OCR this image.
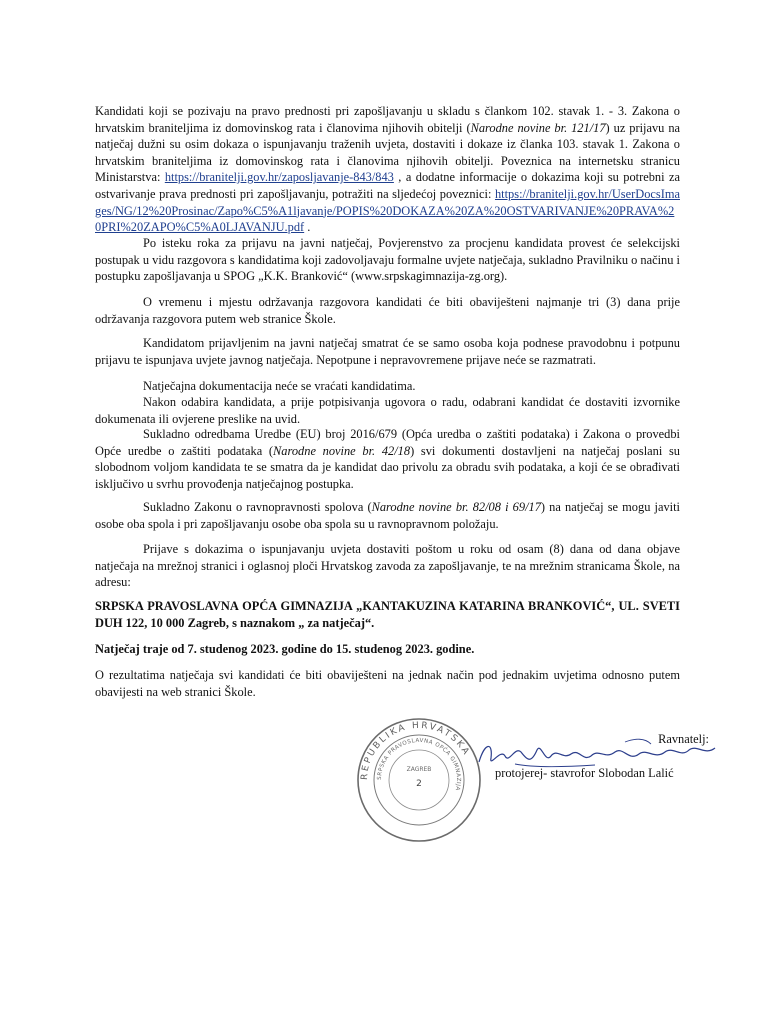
Kandidati koji se pozivaju na pravo prednosti pri zapošljavanju u skladu s člankom 102. stavak 1. - 3. Zakona o hrvatskim braniteljima iz domovinskog rata i članovima njihovih obitelji (Narodne novine br. 121/17) uz prijavu na natječaj dužni su osim dokaza o ispunjavanju traženih uvjeta, dostaviti i dokaze iz članka 103. stavak 1. Zakona o hrvatskim braniteljima iz domovinskog rata i članovima njihovih obitelji. Poveznica na internetsku stranicu Ministarstva: https://branitelji.gov.hr/zaposljavanje-843/843 , a dodatne informacije o dokazima koji su potrebni za ostvarivanje prava prednosti pri zapošljavanju, potražiti na sljedećoj poveznici: https://branitelji.gov.hr/UserDocsImages/NG/12%20Prosinac/Zapo%C5%A1ljavanje/POPIS%20DOKAZA%20ZA%20OSTVARIVANJE%20PRAVA%20PRI%20ZAPO%C5%A0LJAVANJU.pdf .

Po isteku roka za prijavu na javni natječaj, Povjerenstvo za procjenu kandidata provest će selekcijski postupak u vidu razgovora s kandidatima koji zadovoljavaju formalne uvjete natječaja, sukladno Pravilniku o načinu i postupku zapošljavanja u SPOG „K.K. Branković“ (www.srpskagimnazija-zg.org).

O vremenu i mjestu održavanja razgovora kandidati će biti obaviješteni najmanje tri (3) dana prije održavanja razgovora putem web stranice Škole.

Kandidatom prijavljenim na javni natječaj smatrat će se samo osoba koja podnese pravodobnu i potpunu prijavu te ispunjava uvjete javnog natječaja. Nepotpune i nepravovremene prijave neće se razmatrati.

Natječajna dokumentacija neće se vraćati kandidatima.

Nakon odabira kandidata, a prije potpisivanja ugovora o radu, odabrani kandidat će dostaviti izvornike dokumenata ili ovjerene preslike na uvid.

Sukladno odredbama Uredbe (EU) broj 2016/679 (Opća uredba o zaštiti podataka) i Zakona o provedbi Opće uredbe o zaštiti podataka (Narodne novine br. 42/18) svi dokumenti dostavljeni na natječaj poslani su slobodnom voljom kandidata te se smatra da je kandidat dao privolu za obradu svih podataka, a koji će se obrađivati isključivo u svrhu provođenja natječajnog postupka.

Sukladno Zakonu o ravnopravnosti spolova (Narodne novine br. 82/08 i 69/17) na natječaj se mogu javiti osobe oba spola i pri zapošljavanju osobe oba spola su u ravnopravnom položaju.

Prijave s dokazima o ispunjavanju uvjeta dostaviti poštom u roku od osam (8) dana od dana objave natječaja na mrežnoj stranici i oglasnoj ploči Hrvatskog zavoda za zapošljavanje, te na mrežnim stranicama Škole, na adresu:

SRPSKA PRAVOSLAVNA OPĆA GIMNAZIJA „KANTAKUZINA KATARINA BRANKOVIĆ“, UL. SVETI DUH 122, 10 000 Zagreb, s naznakom „ za natječaj“.

Natječaj traje od 7. studenog 2023. godine do 15. studenog 2023. godine.

O rezultatima natječaja svi kandidati će biti obaviješteni na jednak način pod jednakim uvjetima odnosno putem obavijesti na web stranici Škole.

REPUBLIKA HRVATSKA
SRPSKA PRAVOSLAVNA OPĆA GIMNAZIJA
ZAGREB
2
Ravnatelj:
protojerej- stavrofor Slobodan Lalić
